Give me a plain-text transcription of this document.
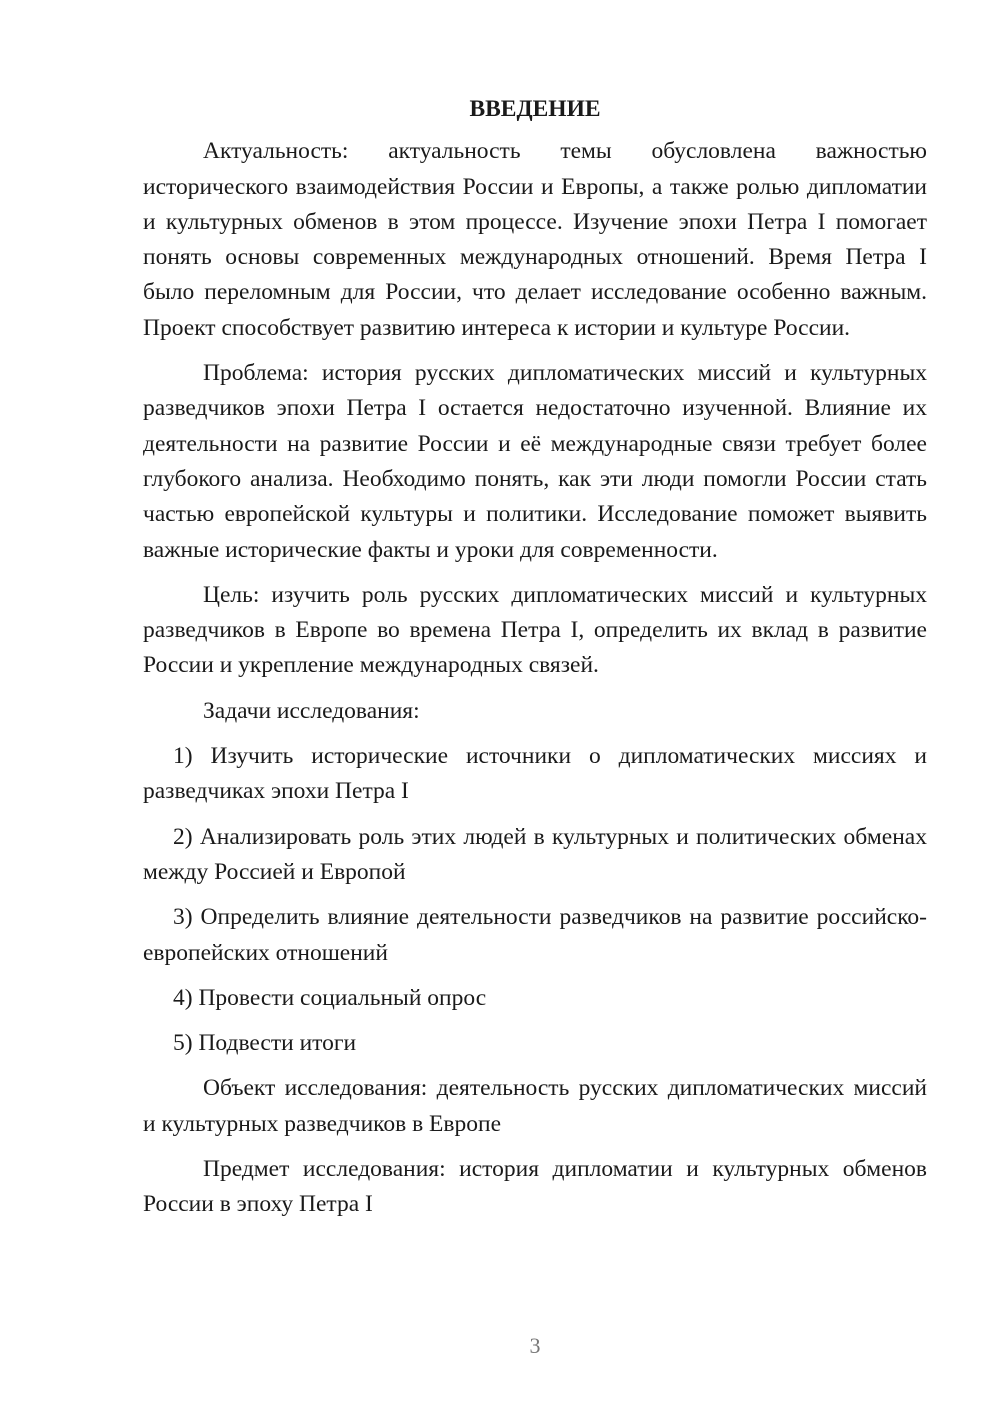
ВВЕДЕНИЕ

Актуальность: актуальность темы обусловлена важностью исторического взаимодействия России и Европы, а также ролью дипломатии и культурных обменов в этом процессе. Изучение эпохи Петра I помогает понять основы современных международных отношений. Время Петра I было переломным для России, что делает исследование особенно важным. Проект способствует развитию интереса к истории и культуре России.

Проблема: история русских дипломатических миссий и культурных разведчиков эпохи Петра I остается недостаточно изученной. Влияние их деятельности на развитие России и её международные связи требует более глубокого анализа. Необходимо понять, как эти люди помогли России стать частью европейской культуры и политики. Исследование поможет выявить важные исторические факты и уроки для современности.

Цель: изучить роль русских дипломатических миссий и культурных разведчиков в Европе во времена Петра I, определить их вклад в развитие России и укрепление международных связей.

Задачи исследования:

1) Изучить исторические источники о дипломатических миссиях и разведчиках эпохи Петра I

2) Анализировать роль этих людей в культурных и политических обменах между Россией и Европой

3) Определить влияние деятельности разведчиков на развитие российско-европейских отношений

4) Провести социальный опрос

5) Подвести итоги

Объект исследования: деятельность русских дипломатических миссий и культурных разведчиков в Европе

Предмет исследования: история дипломатии и культурных обменов России в эпоху Петра I

3
